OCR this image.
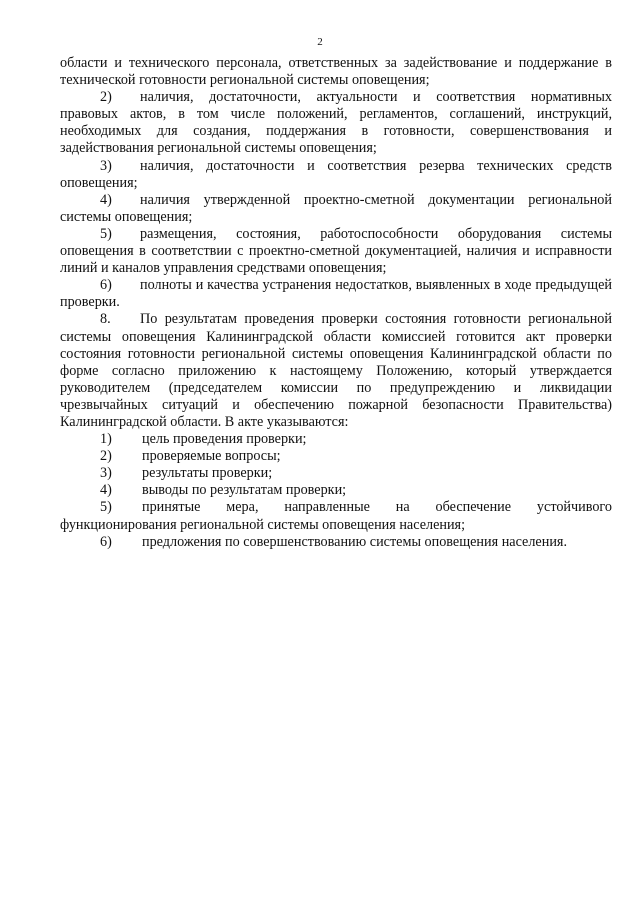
2

области и технического персонала, ответственных за задействование и поддержание в технической готовности региональной системы оповещения;

2) наличия, достаточности, актуальности и соответствия нормативных правовых актов, в том числе положений, регламентов, соглашений, инструкций, необходимых для создания, поддержания в готовности, совершенствования и задействования региональной системы оповещения;

3) наличия, достаточности и соответствия резерва технических средств оповещения;

4) наличия утвержденной проектно-сметной документации региональной системы оповещения;

5) размещения, состояния, работоспособности оборудования системы оповещения в соответствии с проектно-сметной документацией, наличия и исправности линий и каналов управления средствами оповещения;

6) полноты и качества устранения недостатков, выявленных в ходе предыдущей проверки.

8. По результатам проведения проверки состояния готовности региональной системы оповещения Калининградской области комиссией готовится акт проверки состояния готовности региональной системы оповещения Калининградской области по форме согласно приложению к настоящему Положению, который утверждается руководителем (председателем комиссии по предупреждению и ликвидации чрезвычайных ситуаций и обеспечению пожарной безопасности Правительства) Калининградской области. В акте указываются:

1) цель проведения проверки;

2) проверяемые вопросы;

3) результаты проверки;

4) выводы по результатам проверки;

5) принятые мера, направленные на обеспечение устойчивого функционирования региональной системы оповещения населения;

6) предложения по совершенствованию системы оповещения населения.
